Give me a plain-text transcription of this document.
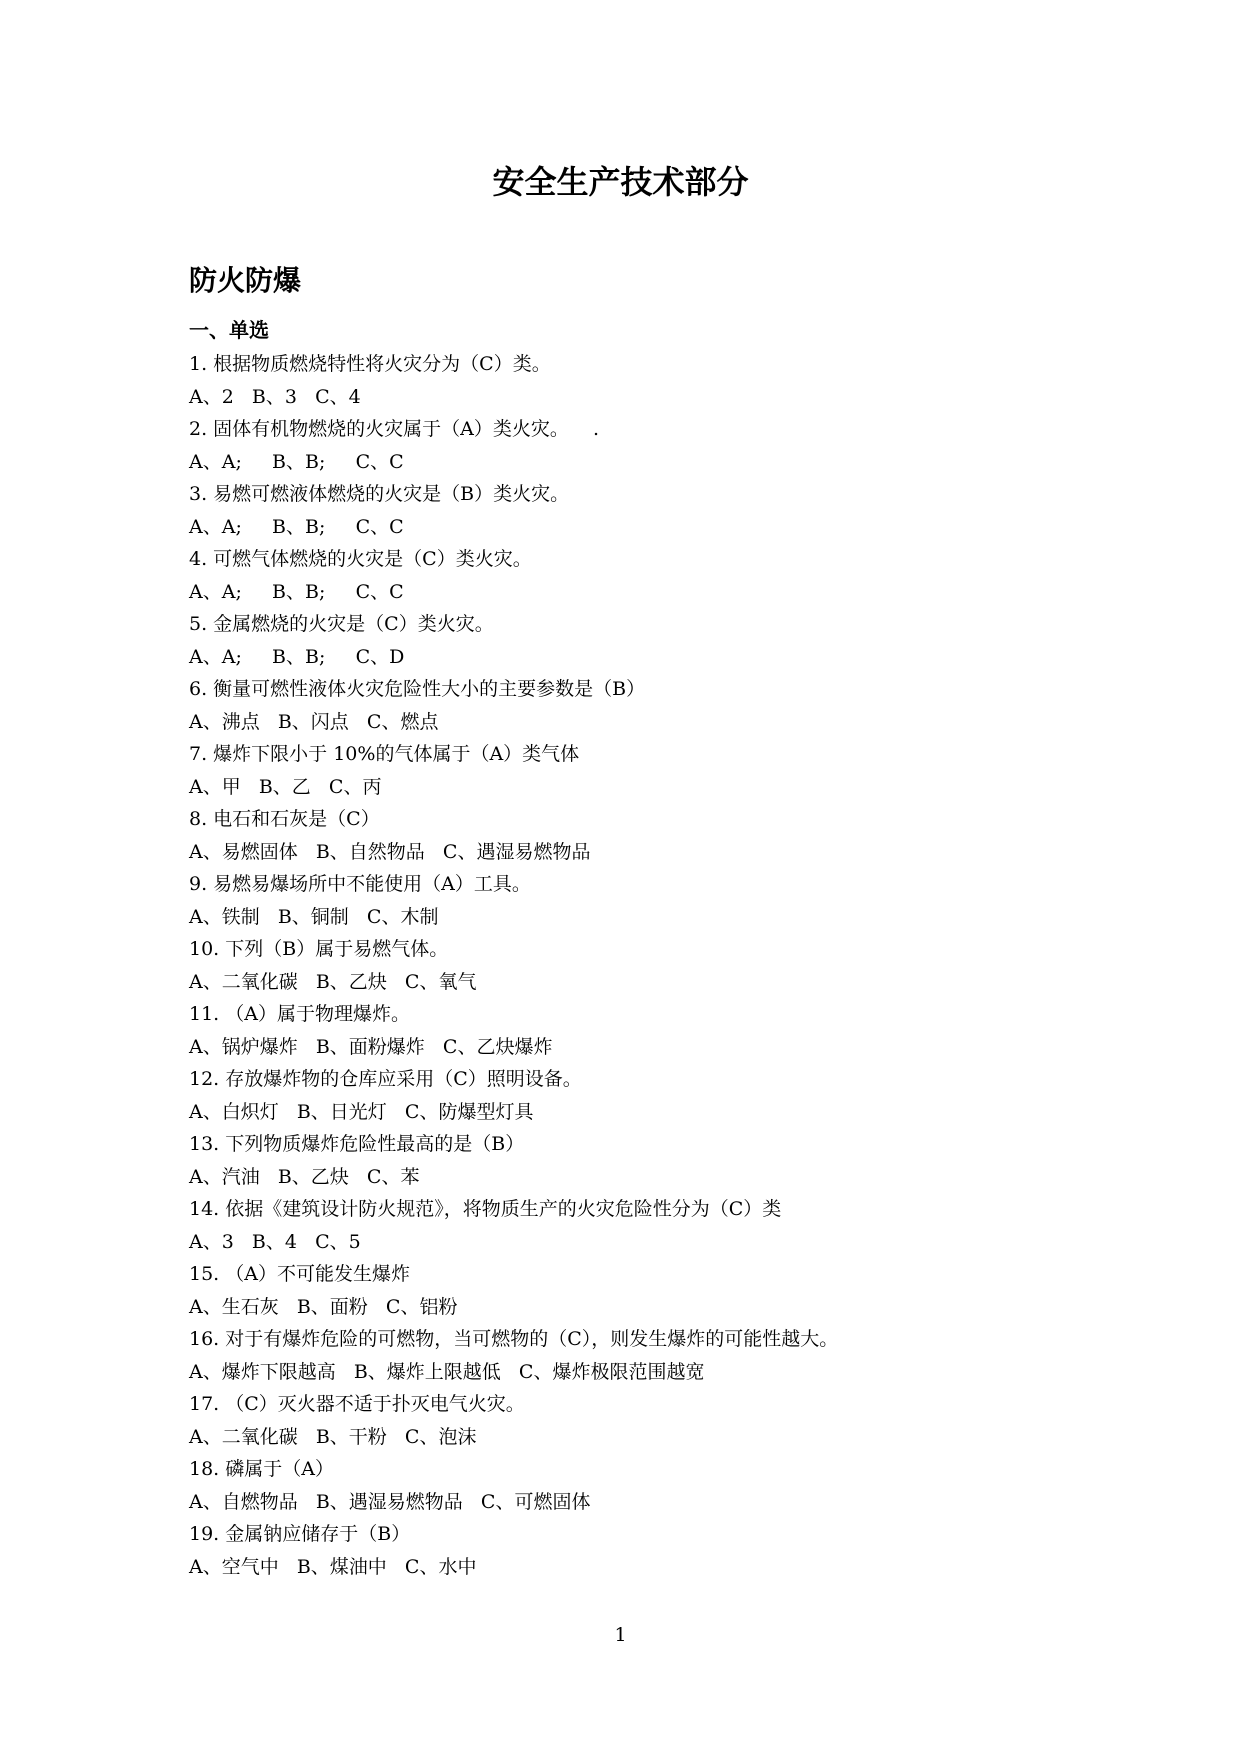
安全生产技术部分
防火防爆
一、单选
1. 根据物质燃烧特性将火灾分为（C）类。
A、2   B、3   C、4
2. 固体有机物燃烧的火灾属于（A）类火灾。    .
A、A;     B、B;     C、C
3. 易燃可燃液体燃烧的火灾是（B）类火灾。
A、A;     B、B;     C、C
4. 可燃气体燃烧的火灾是（C）类火灾。
A、A;     B、B;     C、C
5. 金属燃烧的火灾是（C）类火灾。
A、A;     B、B;     C、D
6. 衡量可燃性液体火灾危险性大小的主要参数是（B）
A、沸点   B、闪点   C、燃点
7. 爆炸下限小于 10%的气体属于（A）类气体
A、甲   B、乙   C、丙
8. 电石和石灰是（C）
A、易燃固体   B、自然物品   C、遇湿易燃物品
9. 易燃易爆场所中不能使用（A）工具。
A、铁制   B、铜制   C、木制
10. 下列（B）属于易燃气体。
A、二氧化碳   B、乙炔   C、氧气
11. （A）属于物理爆炸。
A、锅炉爆炸   B、面粉爆炸   C、乙炔爆炸
12. 存放爆炸物的仓库应采用（C）照明设备。
A、白炽灯   B、日光灯   C、防爆型灯具
13. 下列物质爆炸危险性最高的是（B）
A、汽油   B、乙炔   C、苯
14. 依据《建筑设计防火规范》，将物质生产的火灾危险性分为（C）类
A、3   B、4   C、5
15. （A）不可能发生爆炸
A、生石灰   B、面粉   C、铝粉
16. 对于有爆炸危险的可燃物，当可燃物的（C），则发生爆炸的可能性越大。
A、爆炸下限越高   B、爆炸上限越低   C、爆炸极限范围越宽
17. （C）灭火器不适于扑灭电气火灾。
A、二氧化碳   B、干粉   C、泡沫
18. 磷属于（A）
A、自燃物品   B、遇湿易燃物品   C、可燃固体
19. 金属钠应储存于（B）
A、空气中   B、煤油中   C、水中
1
